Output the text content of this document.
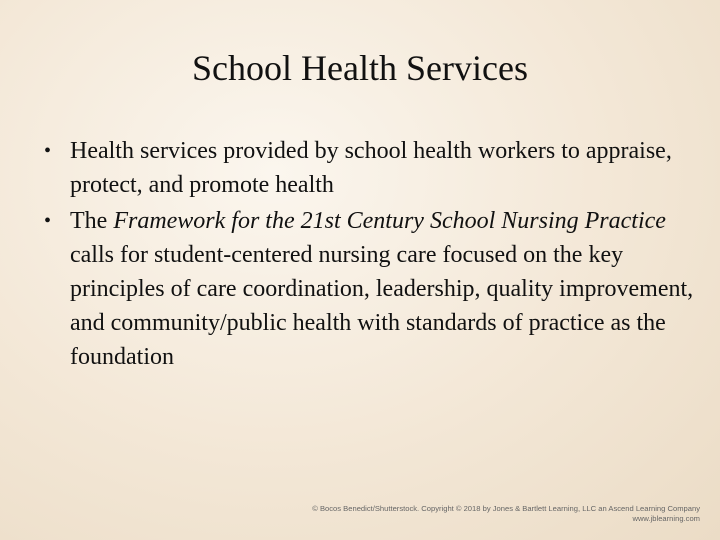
School Health Services
• Health services provided by school health workers to appraise, protect, and promote health
• The Framework for the 21st Century School Nursing Practice calls for student-centered nursing care focused on the key principles of care coordination, leadership, quality improvement, and community/public health with standards of practice as the foundation
© Bocos Benedict/Shutterstock. Copyright © 2018 by Jones & Bartlett Learning, LLC an Ascend Learning Company
www.jblearning.com
